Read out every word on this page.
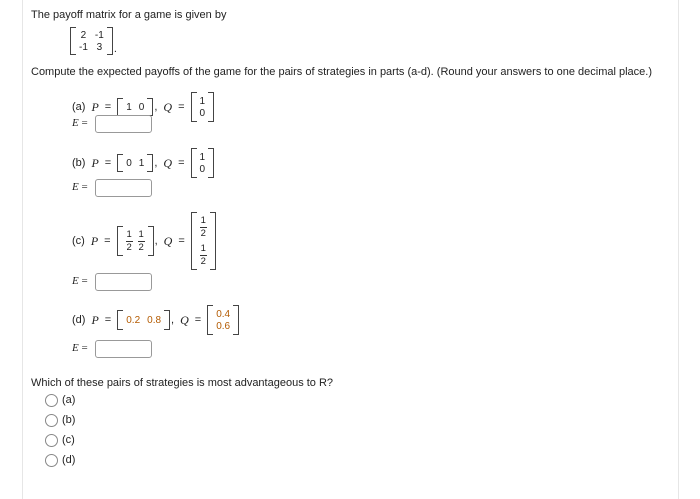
The payoff matrix for a game is given by
2 -1
-1 3 .
Compute the expected payoffs of the game for the pairs of strategies in parts (a-d). (Round your answers to one decimal place.)
(a) P = 1 0 , Q = 1
0
E =
(b) P = 0 1 , Q = 1
0
E =
(c) $P = \frac{1}{2} \frac{1}{2}$ , Q =
$\frac{1}{2}$
$\frac{1}{2}$
E =
(d) P = 0.2 0.8 , Q = 0.4
0.6
E =
Which of these pairs of strategies is most advantageous to R?
(a)
(b)
(c)
(d)
